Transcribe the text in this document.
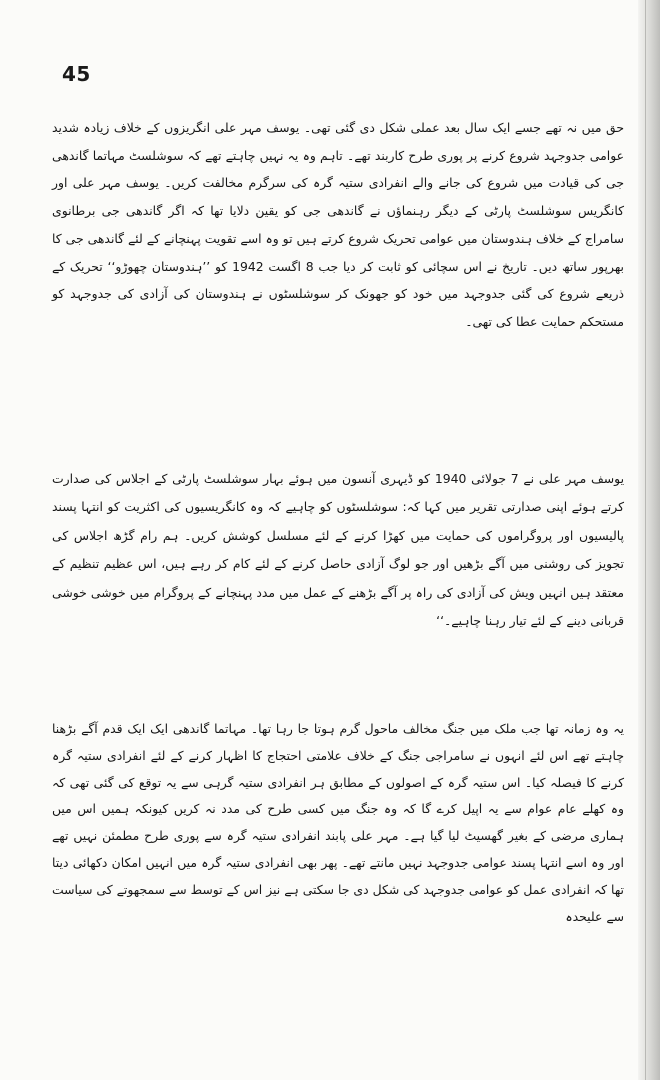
45

حق میں نہ تھے جسے ایک سال بعد عملی شکل دی گئی تھی۔ یوسف مہر علی انگریزوں کے خلاف زیادہ شدید عوامی جدوجہد شروع کرنے پر پوری طرح کاربند تھے۔ تاہم وہ یہ نہیں چاہتے تھے کہ سوشلسٹ مہاتما گاندھی جی کی قیادت میں شروع کی جانے والے انفرادی ستیہ گرہ کی سرگرم مخالفت کریں۔ یوسف مہر علی اور کانگریس سوشلسٹ پارٹی کے دیگر رہنماؤں نے گاندھی جی کو یقین دلایا تھا کہ اگر گاندھی جی برطانوی سامراج کے خلاف ہندوستان میں عوامی تحریک شروع کرتے ہیں تو وہ اسے تقویت پہنچانے کے لئے گاندھی جی کا بھرپور ساتھ دیں۔ تاریخ نے اس سچائی کو ثابت کر دیا جب 8 اگست 1942 کو ’’ہندوستان چھوڑو‘‘ تحریک کے ذریعے شروع کی گئی جدوجہد میں خود کو جھونک کر سوشلسٹوں نے ہندوستان کی آزادی کی جدوجہد کو مستحکم حمایت عطا کی تھی۔

یوسف مہر علی نے 7 جولائی 1940 کو ڈیہری آنسون میں ہوئے بہار سوشلسٹ پارٹی کے اجلاس کی صدارت کرتے ہوئے اپنی صدارتی تقریر میں کہا کہ: سوشلسٹوں کو چاہیے کہ وہ کانگریسیوں کی اکثریت کو انتہا پسند پالیسیوں اور پروگراموں کی حمایت میں کھڑا کرنے کے لئے مسلسل کوشش کریں۔ ہم رام گڑھ اجلاس کی تجویز کی روشنی میں آگے بڑھیں اور جو لوگ آزادی حاصل کرنے کے لئے کام کر رہے ہیں، اس عظیم تنظیم کے معتقد ہیں انہیں ویش کی آزادی کی راہ پر آگے بڑھنے کے عمل میں مدد پہنچانے کے پروگرام میں خوشی خوشی قربانی دینے کے لئے تیار رہنا چاہیے۔‘‘

یہ وہ زمانہ تھا جب ملک میں جنگ مخالف ماحول گرم ہوتا جا رہا تھا۔ مہاتما گاندھی ایک ایک قدم آگے بڑھنا چاہتے تھے اس لئے انہوں نے سامراجی جنگ کے خلاف علامتی احتجاج کا اظہار کرنے کے لئے انفرادی ستیہ گرہ کرنے کا فیصلہ کیا۔ اس ستیہ گرہ کے اصولوں کے مطابق ہر انفرادی ستیہ گرہی سے یہ توقع کی گئی تھی کہ وہ کھلے عام عوام سے یہ اپیل کرے گا کہ وہ جنگ میں کسی طرح کی مدد نہ کریں کیونکہ ہمیں اس میں ہماری مرضی کے بغیر گھسیٹ لیا گیا ہے۔ مہر علی پابند انفرادی ستیہ گرہ سے پوری طرح مطمئن نہیں تھے اور وہ اسے انتہا پسند عوامی جدوجہد نہیں مانتے تھے۔ پھر بھی انفرادی ستیہ گرہ میں انہیں امکان دکھائی دیتا تھا کہ انفرادی عمل کو عوامی جدوجہد کی شکل دی جا سکتی ہے نیز اس کے توسط سے سمجھوتے کی سیاست سے علیحدہ
